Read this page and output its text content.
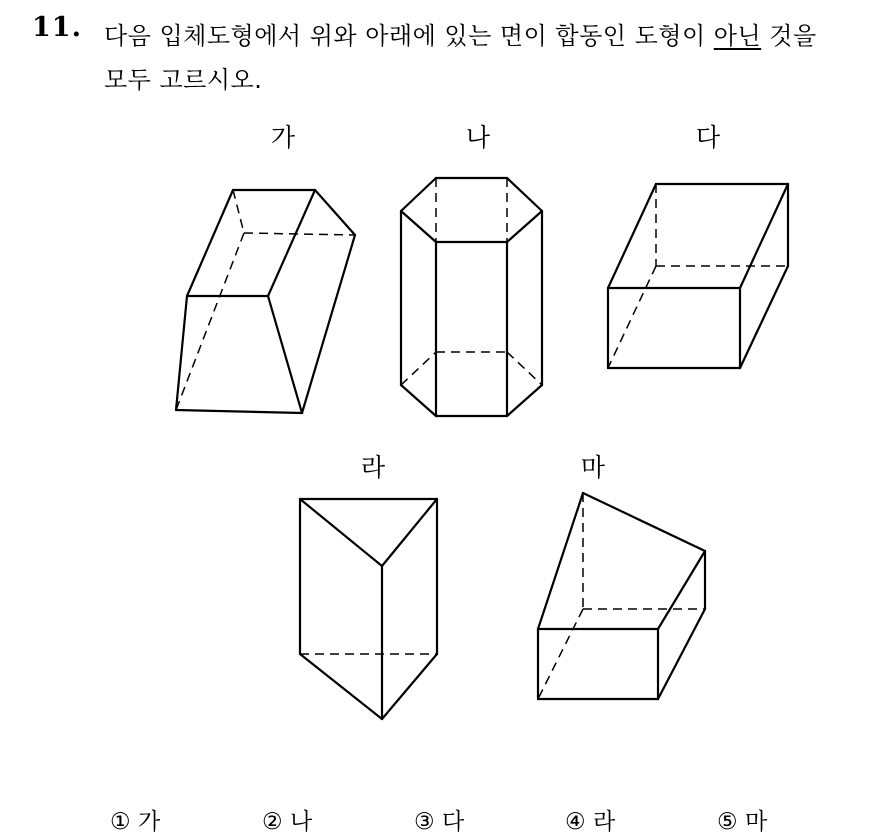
11. 다음 입체도형에서 위와 아래에 있는 면이 합동인 도형이 아닌 것을
모두 고르시오.
가	나	다
라	마
① 가	② 나	③ 다	④ 라	⑤ 마
